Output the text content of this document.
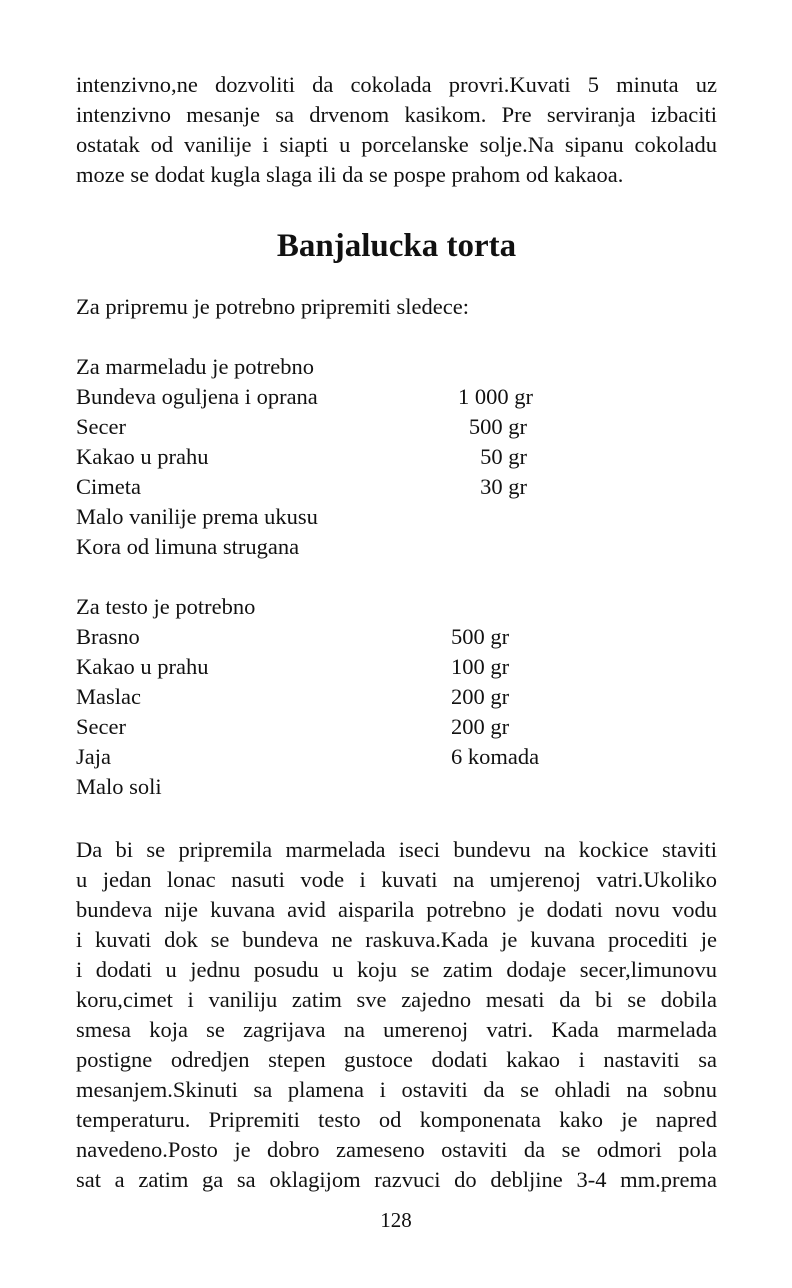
intenzivno,ne dozvoliti da cokolada provri.Kuvati 5 minuta uz

intenzivno mesanje sa drvenom kasikom. Pre serviranja izbaciti

ostatak od vanilije i siapti u porcelanske solje.Na sipanu cokoladu

moze se dodat kugla slaga ili da se pospe prahom od kakaoa.

Banjalucka torta
Za pripremu je potrebno pripremiti sledece:
Za marmeladu je potrebno
Bundeva oguljena i oprana	1 000 gr
Secer	500 gr
Kakao u prahu	50 gr
Cimeta	30 gr
Malo vanilije prema ukusu
Kora od limuna strugana
Za testo je potrebno
Brasno	500 gr
Kakao u prahu	100 gr
Maslac	200 gr
Secer	200 gr
Jaja	6 komada
Malo soli

Da bi se pripremila marmelada iseci bundevu na kockice staviti

u jedan lonac nasuti vode i kuvati na umjerenoj vatri.Ukoliko

bundeva nije kuvana avid aisparila potrebno je dodati novu vodu

i kuvati dok se bundeva ne raskuva.Kada je kuvana procediti je

i dodati u jednu posudu u koju se zatim dodaje secer,limunovu

koru,cimet i vaniliju zatim sve zajedno mesati da bi se dobila

smesa koja se zagrijava na umerenoj vatri. Kada marmelada

postigne odredjen stepen gustoce dodati kakao i nastaviti sa

mesanjem.Skinuti sa plamena i ostaviti da se ohladi na sobnu

temperaturu. Pripremiti testo od komponenata kako je napred

navedeno.Posto je dobro zameseno ostaviti da se odmori pola

sat a zatim ga sa oklagijom razvuci do debljine 3-4 mm.prema

128
